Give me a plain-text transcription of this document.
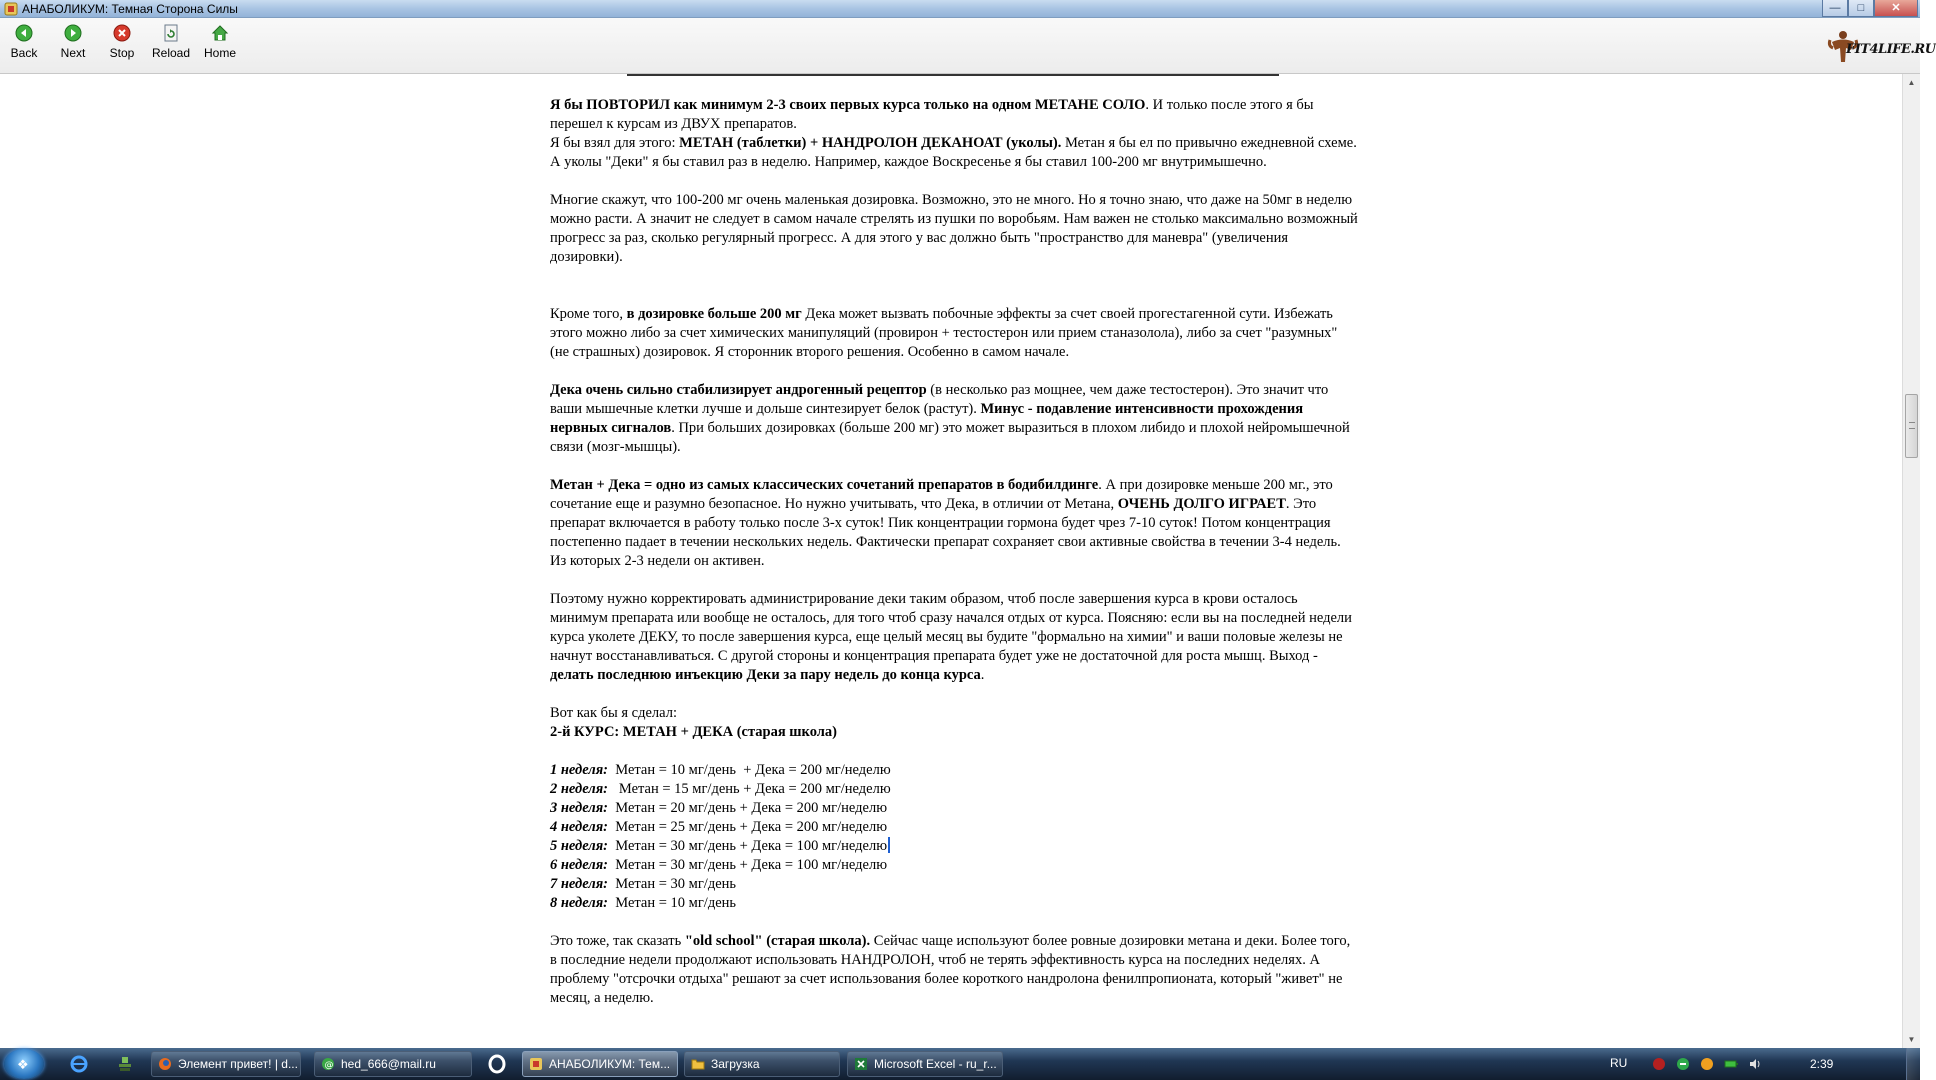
АНАБОЛИКУМ: Темная Сторона Силы	—	□	✕
Back	Next	Stop	Reload	Home	FIT4LIFE.RU

Я бы ПОВТОРИЛ как минимум 2-3 своих первых курса только на одном МЕТАНЕ СОЛО. И только после этого я бы перешел к курсам из ДВУХ препаратов.
Я бы взял для этого: МЕТАН (таблетки) + НАНДРОЛОН ДЕКАНОАТ (уколы). Метан я бы ел по привычно ежедневной схеме. А уколы "Деки" я бы ставил раз в неделю. Например, каждое Воскресенье я бы ставил 100-200 мг внутримышечно.

Многие скажут, что 100-200 мг очень маленькая дозировка. Возможно, это не много. Но я точно знаю, что даже на 50мг в неделю можно расти. А значит не следует в самом начале стрелять из пушки по воробьям. Нам важен не столько максимально возможный прогресс за раз, сколько регулярный прогресс. А для этого у вас должно быть "пространство для маневра" (увеличения дозировки).

Кроме того, в дозировке больше 200 мг Дека может вызвать побочные эффекты за счет своей прогестагенной сути. Избежать этого можно либо за счет химических манипуляций (провирон + тестостерон или прием станазолола), либо за счет "разумных" (не страшных) дозировок. Я сторонник второго решения. Особенно в самом начале.

Дека очень сильно стабилизирует андрогенный рецептор (в несколько раз мощнее, чем даже тестостерон). Это значит что ваши мышечные клетки лучше и дольше синтезирует белок (растут). Минус - подавление интенсивности прохождения нервных сигналов. При больших дозировках (больше 200 мг) это может выразиться в плохом либидо и плохой нейромышечной связи (мозг-мышцы).

Метан + Дека = одно из самых классических сочетаний препаратов в бодибилдинге. А при дозировке меньше 200 мг., это сочетание еще и разумно безопасное. Но нужно учитывать, что Дека, в отличии от Метана, ОЧЕНЬ ДОЛГО ИГРАЕТ. Это препарат включается в работу только после 3-х суток! Пик концентрации гормона будет чрез 7-10 суток! Потом концентрация постепенно падает в течении нескольких недель. Фактически препарат сохраняет свои активные свойства в течении 3-4 недель. Из которых 2-3 недели он активен.

Поэтому нужно корректировать администрирование деки таким образом, чтоб после завершения курса в крови осталось минимум препарата или вообще не осталось, для того чтоб сразу начался отдых от курса. Поясняю: если вы на последней недели курса уколете ДЕКУ, то после завершения курса, еще целый месяц вы будите "формально на химии" и ваши половые железы не начнут восстанавливаться. С другой стороны и концентрация препарата будет уже не достаточной для роста мышц. Выход - делать последнюю инъекцию Деки за пару недель до конца курса.

Вот как бы я сделал:
2-й КУРС: МЕТАН + ДЕКА (старая школа)

1 неделя:  Метан = 10 мг/день  + Дека = 200 мг/неделю
2 неделя:   Метан = 15 мг/день + Дека = 200 мг/неделю
3 неделя:  Метан = 20 мг/день + Дека = 200 мг/неделю
4 неделя:  Метан = 25 мг/день + Дека = 200 мг/неделю
5 неделя:  Метан = 30 мг/день + Дека = 100 мг/неделю
6 неделя:  Метан = 30 мг/день + Дека = 100 мг/неделю
7 неделя:  Метан = 30 мг/день
8 неделя:  Метан = 10 мг/день

Это тоже, так сказать "old school" (старая школа). Сейчас чаще используют более ровные дозировки метана и деки. Более того, в последние недели продолжают использовать НАНДРОЛОН, чтоб не терять эффективность курса на последних неделях. А проблему "отсрочки отдыха" решают за счет использования более короткого нандролона фенилпропионата, который "живет" не месяц, а неделю.

▲
▼
❖	Элемент привет! | d...	@ hed_666@mail.ru	АНАБОЛИКУМ: Тем...	Загрузка	Microsoft Excel - ru_r...	RU	2:39
